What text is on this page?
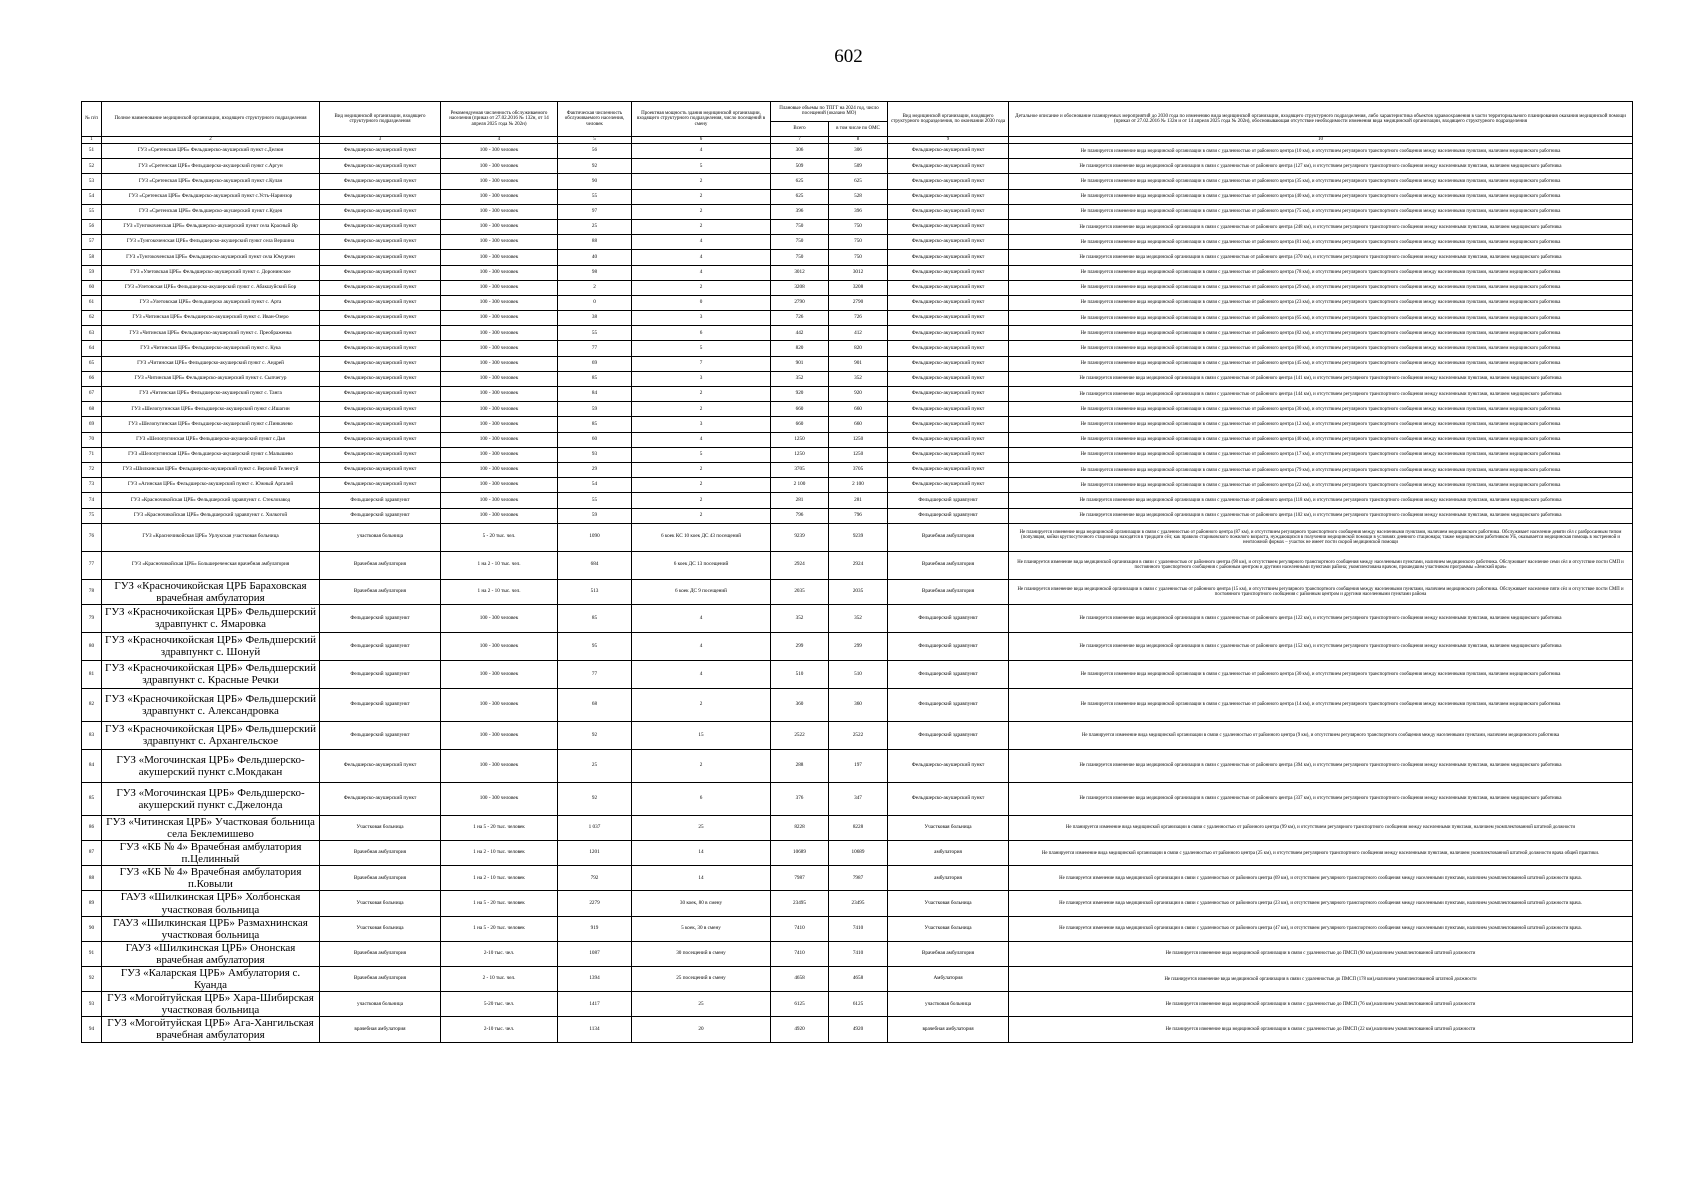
602
№ п/п	Полное наименование медицинской организации, входящего структурного подразделения	Вид медицинской организации, входящего структурного подразделения	Рекомендуемая численность обслуживаемого населения (приказ от 27.02.2016 № 132н, от 14 апреля 2025 года № 202н)	Фактическая численность обслуживаемого населения, человек	Проектная мощность здания медицинской организации, входящего структурного подразделения, число посещений в смену	Плановые объемы по ТПГГ на 2024 год, число посещений (оказано МО)		Вид медицинской организации, входящего структурного подразделения, по окончании 2030 года	Детальное описание и обоснование планируемых мероприятий до 2030 года по изменению вида медицинской организации, входящего структурного подразделения, либо характеристика объектов здравоохранения в части территориального планирования оказания медицинской помощи (приказ от 27.02.2016 № 132н и от 14 апреля 2025 года № 202н), обосновывающая отсутствие необходимости изменения вида медицинской организации, входящего структурного подразделения
						Всего	в том числе по ОМС		
1	2	3	4	5	6	7	8	9	10
51	ГУЗ «Сретенская ЦРБ» Фельдшерско-акушерский пункт с.Делюн	Фельдшерско-акушерский пункт	100 - 300 человек	56	4	306	306	Фельдшерско-акушерский пункт	Не планируется изменение вида медицинской организации в связи с удаленностью от районного центра (10 км), и отсутствием регулярного транспортного сообщения между населенными пунктами, наличием медицинского работника
52	ГУЗ «Сретенская ЦРБ» Фельдшерско-акушерский пункт с.Аргун	Фельдшерско-акушерский пункт	100 - 300 человек	92	5	509	509	Фельдшерско-акушерский пункт	Не планируется изменение вида медицинской организации в связи с удаленностью от районного центра (127 км), и отсутствием регулярного транспортного сообщения между населенными пунктами, наличием медицинского работника
53	ГУЗ «Сретенская ЦРБ» Фельдшерско-акушерский пункт с.Кулан	Фельдшерско-акушерский пункт	100 - 300 человек	90	2	625	625	Фельдшерско-акушерский пункт	Не планируется изменение вида медицинской организации в связи с удаленностью от районного центра (35 км), и отсутствием регулярного транспортного сообщения между населенными пунктами, наличием медицинского работника
54	ГУЗ «Сретенская ЦРБ» Фельдшерско-акушерский пункт с.Усть-Наринзор	Фельдшерско-акушерский пункт	100 - 300 человек	55	2	625	528	Фельдшерско-акушерский пункт	Не планируется изменение вида медицинской организации в связи с удаленностью от районного центра (40 км), и отсутствием регулярного транспортного сообщения между населенными пунктами, наличием медицинского работника
55	ГУЗ «Сретенская ЦРБ» Фельдшерско-акушерский пункт с.Кудея	Фельдшерско-акушерский пункт	100 - 300 человек	97	2	396	396	Фельдшерско-акушерский пункт	Не планируется изменение вида медицинской организации в связи с удаленностью от районного центра (75 км), и отсутствием регулярного транспортного сообщения между населенными пунктами, наличием медицинского работника
56	ГУЗ «Тунгокоченская ЦРБ» Фельдшерско-акушерский пункт села Красный Яр	Фельдшерско-акушерский пункт	100 - 300 человек	25	2	750	750	Фельдшерско-акушерский пункт	Не планируется изменение вида медицинской организации в связи с удаленностью от районного центра (248 км), и отсутствием регулярного транспортного сообщения между населенными пунктами, наличием медицинского работника
57	ГУЗ «Тунгокоченская ЦРБ» Фельдшерско-акушерский пункт села Вершина	Фельдшерско-акушерский пункт	100 - 300 человек	88	4	750	750	Фельдшерско-акушерский пункт	Не планируется изменение вида медицинской организации в связи с удаленностью от районного центра (81 км), и отсутствием регулярного транспортного сообщения между населенными пунктами, наличием медицинского работника
58	ГУЗ «Тунгокоченская ЦРБ» Фельдшерско-акушерский пункт села Юмурчен	Фельдшерско-акушерский пункт	100 - 300 человек	40	4	750	750	Фельдшерско-акушерский пункт	Не планируется изменение вида медицинской организации в связи с удаленностью от районного центра (370 км), и отсутствием регулярного транспортного сообщения между населенными пунктами, наличием медицинского работника
59	ГУЗ «Улетовская ЦРБ» Фельдшерско-акушерский пункт с. Доронинское	Фельдшерско-акушерский пункт	100 - 300 человек	98	4	3012	3012	Фельдшерско-акушерский пункт	Не планируется изменение вида медицинской организации в связи с удаленностью от районного центра (78 км), и отсутствием регулярного транспортного сообщения между населенными пунктами, наличием медицинского работника
60	ГУЗ «Улетовская ЦРБ» Фельдшерско-акушерский пункт с. Абакшуйский Бор	Фельдшерско-акушерский пункт	100 - 300 человек	2	2	3208	3208	Фельдшерско-акушерский пункт	Не планируется изменение вида медицинской организации в связи с удаленностью от районного центра (29 км), и отсутствием регулярного транспортного сообщения между населенными пунктами, наличием медицинского работника
61	ГУЗ «Улетовская ЦРБ» Фельдшерско акушерский пункт с. Арта	Фельдшерско-акушерский пункт	100 - 300 человек	0	0	2790	2790	Фельдшерско-акушерский пункт	Не планируется изменение вида медицинской организации в связи с удаленностью от районного центра (23 км), и отсутствием регулярного транспортного сообщения между населенными пунктами, наличием медицинского работника
62	ГУЗ «Читинская ЦРБ» Фельдшерско-акушерский пункт с. Иван-Озеро	Фельдшерско-акушерский пункт	100 - 300 человек	38	3	726	726	Фельдшерско-акушерский пункт	Не планируется изменение вида медицинской организации в связи с удаленностью от районного центра (65 км), и отсутствием регулярного транспортного сообщения между населенными пунктами, наличием медицинского работника
63	ГУЗ «Читинская ЦРБ» Фельдшерско-акушерский пункт с. Преображенка	Фельдшерско-акушерский пункт	100 - 300 человек	55	6	442	412	Фельдшерско-акушерский пункт	Не планируется изменение вида медицинской организации в связи с удаленностью от районного центра (82 км), и отсутствием регулярного транспортного сообщения между населенными пунктами, наличием медицинского работника
64	ГУЗ «Читинская ЦРБ» Фельдшерско-акушерский пункт с. Кука	Фельдшерско-акушерский пункт	100 - 300 человек	77	5	820	820	Фельдшерско-акушерский пункт	Не планируется изменение вида медицинской организации в связи с удаленностью от районного центра (80 км), и отсутствием регулярного транспортного сообщения между населенными пунктами, наличием медицинского работника
65	ГУЗ «Читинская ЦРБ» Фельдшерско-акушерский пункт с. Андрей	Фельдшерско-акушерский пункт	100 - 300 человек	69	7	901	901	Фельдшерско-акушерский пункт	Не планируется изменение вида медицинской организации в связи с удаленностью от районного центра (45 км), и отсутствием регулярного транспортного сообщения между населенными пунктами, наличием медицинского работника
66	ГУЗ «Читинская ЦРБ» Фельдшерско-акушерский пункт с. Сыпчегур	Фельдшерско-акушерский пункт	100 - 300 человек	85	3	352	352	Фельдшерско-акушерский пункт	Не планируется изменение вида медицинской организации в связи с удаленностью от районного центра (141 км), и отсутствием регулярного транспортного сообщения между населенными пунктами, наличием медицинского работника
67	ГУЗ «Читинская ЦРБ» Фельдшерско-акушерский пункт с. Танга	Фельдшерско-акушерский пункт	100 - 300 человек	84	2	920	920	Фельдшерско-акушерский пункт	Не планируется изменение вида медицинской организации в связи с удаленностью от районного центра (144 км), и отсутствием регулярного транспортного сообщения между населенными пунктами, наличием медицинского работника
68	ГУЗ «Шелопугинская ЦРБ» Фельдшерско-акушерский пункт с.Ишагин	Фельдшерско-акушерский пункт	100 - 300 человек	59	2	660	660	Фельдшерско-акушерский пункт	Не планируется изменение вида медицинской организации в связи с удаленностью от районного центра (30 км), и отсутствием регулярного транспортного сообщения между населенными пунктами, наличием медицинского работника
69	ГУЗ «Шелопугинская ЦРБ» Фельдшерско-акушерский пункт с.Пинкачево	Фельдшерско-акушерский пункт	100 - 300 человек	85	3	660	660	Фельдшерско-акушерский пункт	Не планируется изменение вида медицинской организации в связи с удаленностью от районного центра (12 км), и отсутствием регулярного транспортного сообщения между населенными пунктами, наличием медицинского работника
70	ГУЗ «Шелопугинская ЦРБ» Фельдшерско-акушерский пункт с.Дая	Фельдшерско-акушерский пункт	100 - 300 человек	60	4	1250	1250	Фельдшерско-акушерский пункт	Не планируется изменение вида медицинской организации в связи с удаленностью от районного центра (40 км), и отсутствием регулярного транспортного сообщения между населенными пунктами, наличием медицинского работника
71	ГУЗ «Шелопугинская ЦРБ» Фельдшерско-акушерский пункт с.Малышево	Фельдшерско-акушерский пункт	100 - 300 человек	93	5	1250	1250	Фельдшерско-акушерский пункт	Не планируется изменение вида медицинской организации в связи с удаленностью от районного центра (17 км), и отсутствием регулярного транспортного сообщения между населенными пунктами, наличием медицинского работника
72	ГУЗ «Шилкинская ЦРБ» Фельдшерско-акушерский пункт с. Верхний Теленгуй	Фельдшерско-акушерский пункт	100 - 300 человек	29	2	3705	3705	Фельдшерско-акушерский пункт	Не планируется изменение вида медицинской организации в связи с удаленностью от районного центра (79 км), и отсутствием регулярного транспортного сообщения между населенными пунктами, наличием медицинского работника
73	ГУЗ «Агинская ЦРБ» Фельдшерско-акушерский пункт с. Южный Аргалей	Фельдшерско-акушерский пункт	100 - 300 человек	54	2	2 100	2 100	Фельдшерско-акушерский пункт	Не планируется изменение вида медицинской организации в связи с удаленностью от районного центра (22 км), и отсутствием регулярного транспортного сообщения между населенными пунктами, наличием медицинского работника
74	ГУЗ «Красночикойская ЦРБ» Фельдшерский здравпункт с. Стеклозавод	Фельдшерский здравпункт	100 - 300 человек	55	2	281	281	Фельдшерский здравпункт	Не планируется изменение вида медицинской организации в связи с удаленностью от районного центра (118 км), и отсутствием регулярного транспортного сообщения между населенными пунктами, наличием медицинского работника
75	ГУЗ «Красночикойская ЦРБ» Фельдшерский здравпункт с. Хилкотой	Фельдшерский здравпункт	100 - 300 человек	59	2	796	796	Фельдшерский здравпункт	Не планируется изменение вида медицинской организации в связи с удаленностью от районного центра (102 км), и отсутствием регулярного транспортного сообщения между населенными пунктами, наличием медицинского работника
76	ГУЗ «Красночикойская ЦРБ» Урлукская участковая больница	участковая больница	5 - 20 тыс. чел.	1090	6 коек КС 10 коек ДС 43 посещений	9239	9239	Врачебная амбулатория	Не планируется изменение вида медицинской организации в связи с удаленностью от районного центра (87 км), и отсутствием регулярного транспортного сообщения между населенными пунктами, наличием медицинского работника. Обслуживает население девяти сёл с разбросанным типом (популяция, койки круглосуточного стационара находятся в тридцати сёл; как правило стариковского пожилого возраста, нуждающихся в получении медицинской помощи в условиях дневного стационара; также медицинским работником УБ, оказывается медицинская помощь в экстренной и неотложной формах – участок не имеет пости скорой медицинской помощи
77	ГУЗ «Красночикойская ЦРБ» Большереченская врачебная амбулатория	Врачебная амбулатория	1 на 2 - 10 тыс. чел.	684	6 коек ДС 13 посещений	2924	2924	Врачебная амбулатория	Не планируется изменение вида медицинской организации в связи с удаленностью от районного центра (98 км), и отсутствием регулярного транспортного сообщения между населенными пунктами, наличием медицинского работника. Обслуживает население семи сёл и отсутствие пости СМП и постоянного транспортного сообщения с районным центром и другими населенными пунктами района; укомплектована врачом, прошедшим участником программы «Земский врач»
78	ГУЗ «Красночикойская ЦРБ Бараховская врачебная амбулатория	Врачебная амбулатория	1 на 2 - 10 тыс. чел.	513	6 коек ДС 9 посещений	2035	2035	Врачебная амбулатория	Не планируется изменение вида медицинской организации в связи с удаленностью от районного центра (15 км), и отсутствием регулярного транспортного сообщения между населенными пунктами, наличием медицинского работника. Обслуживает население пяти сёл и отсутствие пости СМП и постоянного транспортного сообщения с районным центром и другими населенными пунктами района
79	ГУЗ «Красночикойская ЦРБ» Фельдшерский здравпункт с. Ямаровка	Фельдшерский здравпункт	100 - 300 человек	85	4	352	352	Фельдшерский здравпункт	Не планируется изменение вида медицинской организации в связи с удаленностью от районного центра (122 км), и отсутствием регулярного транспортного сообщения между населенными пунктами, наличием медицинского работника
80	ГУЗ «Красночикойская ЦРБ» Фельдшерский здравпункт с. Шонуй	Фельдшерский здравпункт	100 - 300 человек	95	4	299	299	Фельдшерский здравпункт	Не планируется изменение вида медицинской организации в связи с удаленностью от районного центра (152 км), и отсутствием регулярного транспортного сообщения между населенными пунктами, наличием медицинского работника
81	ГУЗ «Красночикойская ЦРБ» Фельдшерский здравпункт с. Красные Речки	Фельдшерский здравпункт	100 - 300 человек	77	4	510	510	Фельдшерский здравпункт	Не планируется изменение вида медицинской организации в связи с удаленностью от районного центра (30 км), и отсутствием регулярного транспортного сообщения между населенными пунктами, наличием медицинского работника
82	ГУЗ «Красночикойская ЦРБ» Фельдшерский здравпункт с. Александровка	Фельдшерский здравпункт	100 - 300 человек	68	2	360	360	Фельдшерский здравпункт	Не планируется изменение вида медицинской организации в связи с удаленностью от районного центра (14 км), и отсутствием регулярного транспортного сообщения между населенными пунктами, наличием медицинского работника
83	ГУЗ «Красночикойская ЦРБ» Фельдшерский здравпункт с. Архангельское	Фельдшерский здравпункт	100 - 300 человек	92	15	2522	2522	Фельдшерский здравпункт	Не планируется изменение вида медицинской организации в связи с удаленностью от районного центра (9 км), и отсутствием регулярного транспортного сообщения между населенными пунктами, наличием медицинского работника
84	ГУЗ «Могочинская ЦРБ» Фельдшерско-акушерский пункт с.Мокдакан	Фельдшерско-акушерский пункт	100 - 300 человек	25	2	288	197	Фельдшерско-акушерский пункт	Не планируется изменение вида медицинской организации в связи с удаленностью от районного центра (394 км), и отсутствием регулярного транспортного сообщения между населенными пунктами, наличием медицинского работника
85	ГУЗ «Могочинская ЦРБ» Фельдшерско-акушерский пункт с.Джелонда	Фельдшерско-акушерский пункт	100 - 300 человек	92	6	376	347	Фельдшерско-акушерский пункт	Не планируется изменение вида медицинской организации в связи с удаленностью от районного центра (337 км), и отсутствием регулярного транспортного сообщения между населенными пунктами, наличием медицинского работника
86	ГУЗ «Читинская ЦРБ» Участковая больница села Беклемишево	Участковая больница	1 на 5 - 20 тыс. человек	1 037	25	8228	8228	Участковая больница	Не планируется изменение вида медицинской организации в связи с удаленностью от районного центра (99 км), и отсутствием регулярного транспортного сообщения между населенными пунктами, наличием укомплектованной штатной должности
87	ГУЗ «КБ № 4» Врачебная амбулатория п.Целинный	Врачебная амбулатория	1 на 2 - 10 тыс. человек	1201	14	10689	10689	амбулатория	Не планируется изменение вида медицинской организации в связи с удаленностью от районного центра (25 км), и отсутствием регулярного транспортного сообщения между населенными пунктами, наличием укомплектованной штатной должности врача общей практики.
88	ГУЗ «КБ № 4» Врачебная амбулатория п.Ковыли	Врачебная амбулатория	1 на 2 - 10 тыс. человек	792	14	7987	7987	амбулатория	Не планируется изменение вида медицинской организации в связи с удаленностью от районного центра (69 км), и отсутствием регулярного транспортного сообщения между населенными пунктами, наличием укомплектованной штатной должности врача.
89	ГАУЗ «Шилкинская ЦРБ» Холбонская участковая больница	Участковая больница	1 на 5 - 20 тыс. человек	2279	30 коек, 80 в смену	23495	23495	Участковая больница	Не планируется изменение вида медицинской организации в связи с удаленностью от районного центра (23 км), и отсутствием регулярного транспортного сообщения между населенными пунктами, наличием укомплектованной штатной должности врача.
90	ГАУЗ «Шилкинская ЦРБ» Размахнинская участковая больница	Участковая больница	1 на 5 - 20 тыс. человек	919	5 коек, 30 в смену	7410	7410	Участковая больница	Не планируется изменение вида медицинской организации в связи с удаленностью от районного центра (47 км), и отсутствием регулярного транспортного сообщения между населенными пунктами, наличием укомплектованной штатной должности врача.
91	ГАУЗ «Шилкинская ЦРБ» Ононская врачебная амбулатория	Врачебная амбулатория	2-10 тыс. чел.	1087	30 посещений в смену	7410	7410	Врачебная амбулатория	Не планируется изменение вида медицинской организации в связи с удаленностью до ПМСП (90 км),наличием укомплектованной штатной должности
92	ГУЗ «Каларская ЦРБ» Амбулатория с. Куанда	Врачебная амбулатория	2 - 10 тыс. чел.	1394	25 посещений в смену	4658	4658	Амбулатория	Не планируется изменение вида медицинской организации в связи с удаленностью до ПМСП (178 км),наличием укомплектованной штатной должности
93	ГУЗ «Могойтуйская ЦРБ» Хара-Шибирская участковая больница	участковая больница	5-20 тыс. чел.	1417	25	6125	6125	участковая больница	Не планируется изменение вида медицинской организации в связи с удаленностью до ПМСП (76 км),наличием укомплектованной штатной должности
94	ГУЗ «Могойтуйская ЦРБ» Ага-Хангильская врачебная амбулатория	врачебная амбулатория	2-10 тыс. чел.	1134	20	4920	4920	врачебная амбулатория	Не планируется изменение вида медицинской организации в связи с удаленностью до ПМСП (22 км),наличием укомплектованной штатной должности
